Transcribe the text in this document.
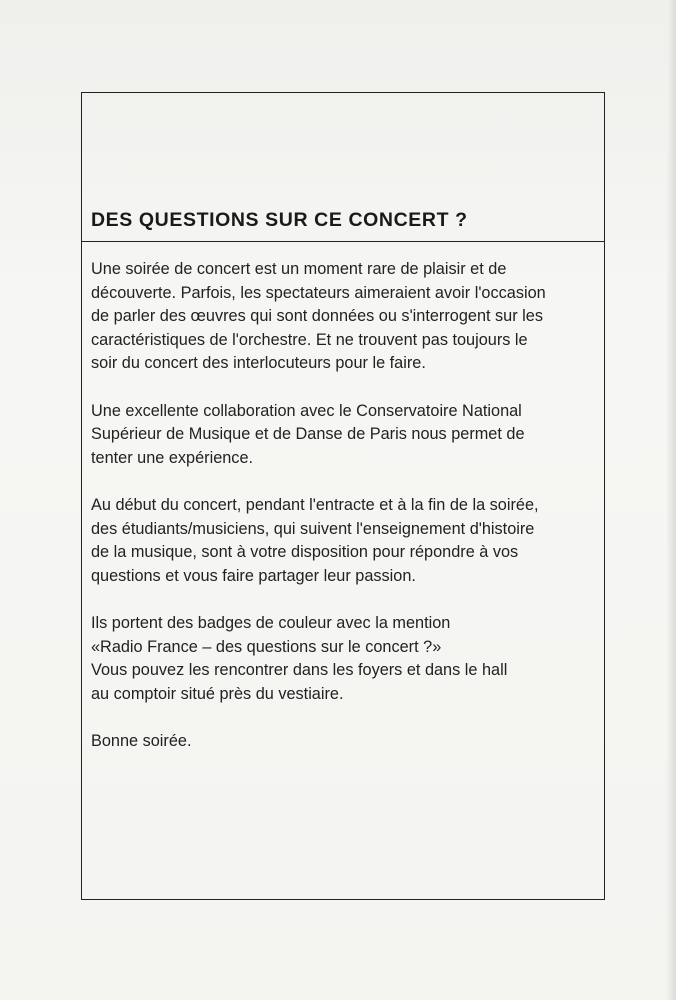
DES QUESTIONS SUR CE CONCERT ?

Une soirée de concert est un moment rare de plaisir et de
découverte. Parfois, les spectateurs aimeraient avoir l'occasion
de parler des œuvres qui sont données ou s'interrogent sur les
caractéristiques de l'orchestre. Et ne trouvent pas toujours le
soir du concert des interlocuteurs pour le faire.

Une excellente collaboration avec le Conservatoire National
Supérieur de Musique et de Danse de Paris nous permet de
tenter une expérience.

Au début du concert, pendant l'entracte et à la fin de la soirée,
des étudiants/musiciens, qui suivent l'enseignement d'histoire
de la musique, sont à votre disposition pour répondre à vos
questions et vous faire partager leur passion.

Ils portent des badges de couleur avec la mention
«Radio France – des questions sur le concert ?»
Vous pouvez les rencontrer dans les foyers et dans le hall
au comptoir situé près du vestiaire.

Bonne soirée.
